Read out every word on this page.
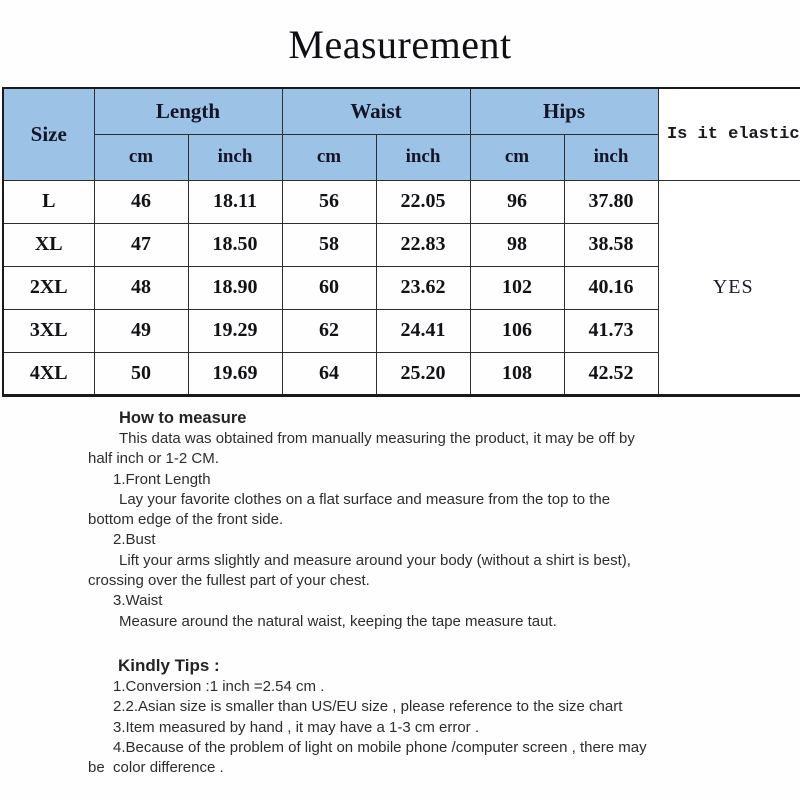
Measurement
Size	Length		Waist		Hips		Is it elastic
	cm	inch	cm	inch	cm	inch	
L	46	18.11	56	22.05	96	37.80	YES
XL	47	18.50	58	22.83	98	38.58	
2XL	48	18.90	60	23.62	102	40.16	
3XL	49	19.29	62	24.41	106	41.73	
4XL	50	19.69	64	25.20	108	42.52	
How to measure
This data was obtained from manually measuring the product, it may be off by
half inch or 1-2 CM.
1.Front Length
Lay your favorite clothes on a flat surface and measure from the top to the
bottom edge of the front side.
2.Bust
Lift your arms slightly and measure around your body (without a shirt is best),
crossing over the fullest part of your chest.
3.Waist
Measure around the natural waist, keeping the tape measure taut.
Kindly Tips :
1.Conversion :1 inch =2.54 cm .
2.2.Asian size is smaller than US/EU size , please reference to the size chart
3.Item measured by hand , it may have a 1-3 cm error .
4.Because of the problem of light on mobile phone /computer screen , there may
be  color difference .
